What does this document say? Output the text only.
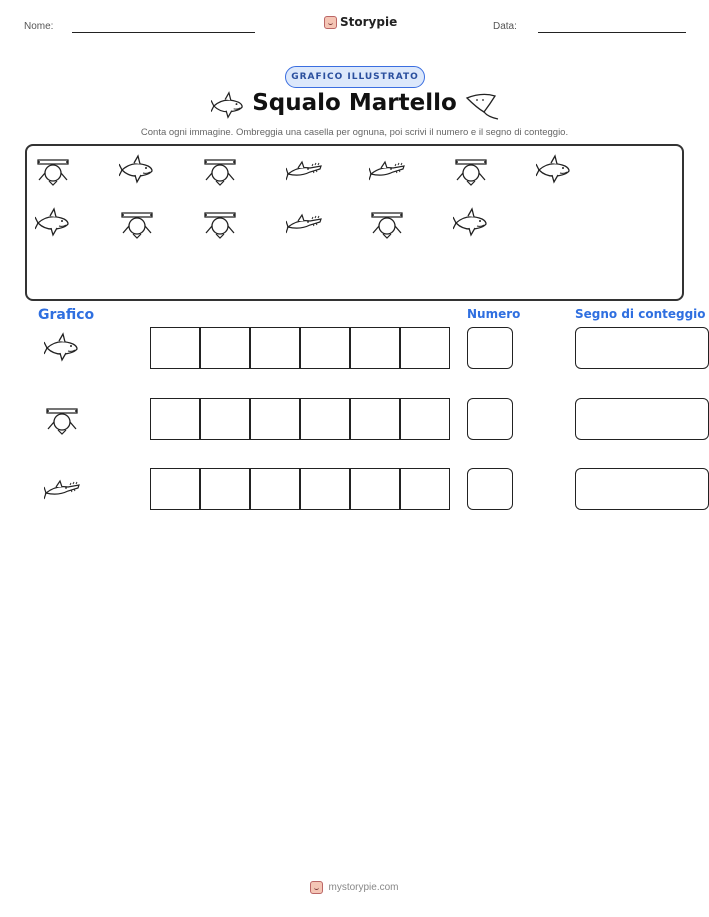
Nome:	Storypie	Data:
GRAFICO ILLUSTRATO
Squalo Martello
Conta ogni immagine. Ombreggia una casella per ognuna, poi scrivi il numero e il segno di conteggio.
Grafico	Numero	Segno di conteggio
mystorypie.com
